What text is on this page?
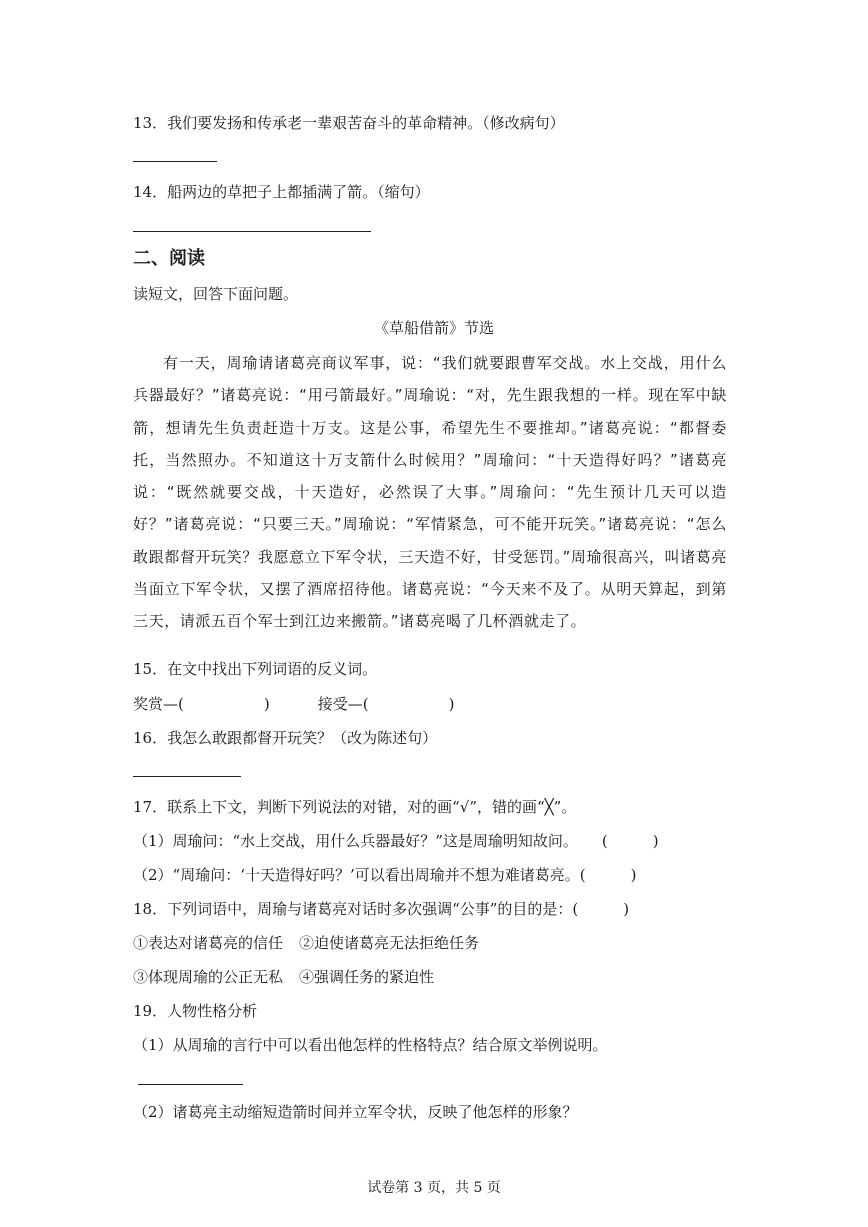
13．我们要发扬和传承老一辈艰苦奋斗的革命精神。（修改病句）
14．船两边的草把子上都插满了箭。（缩句）
二、阅读
读短文，回答下面问题。
《草船借箭》节选

有一天，周瑜请诸葛亮商议军事，说：“我们就要跟曹军交战。水上交战，用什么兵器最好？”诸葛亮说：“用弓箭最好。”周瑜说：“对，先生跟我想的一样。现在军中缺箭，想请先生负责赶造十万支。这是公事，希望先生不要推却。”诸葛亮说：“都督委托，当然照办。不知道这十万支箭什么时候用？”周瑜问：“十天造得好吗？”诸葛亮说：“既然就要交战，十天造好，必然误了大事。”周瑜问：“先生预计几天可以造好？”诸葛亮说：“只要三天。”周瑜说：“军情紧急，可不能开玩笑。”诸葛亮说：“怎么敢跟都督开玩笑？我愿意立下军令状，三天造不好，甘受惩罚。”周瑜很高兴，叫诸葛亮当面立下军令状，又摆了酒席招待他。诸葛亮说：“今天来不及了。从明天算起，到第三天，请派五百个军士到江边来搬箭。”诸葛亮喝了几杯酒就走了。

15．在文中找出下列词语的反义词。
奖赏—(	)	接受—(	)
16．我怎么敢跟都督开玩笑？（改为陈述句）
17．联系上下文，判断下列说法的对错，对的画“√”，错的画“╳”。
（1）周瑜问：“水上交战，用什么兵器最好？”这是周瑜明知故问。 (　　　)
（2）“周瑜问：‘十天造得好吗？’可以看出周瑜并不想为难诸葛亮。(　　　)
18．下列词语中，周瑜与诸葛亮对话时多次强调“公事”的目的是：(　　　)
①表达对诸葛亮的信任 ②迫使诸葛亮无法拒绝任务
③体现周瑜的公正无私 ④强调任务的紧迫性
19．人物性格分析
（1）从周瑜的言行中可以看出他怎样的性格特点？结合原文举例说明。
（2）诸葛亮主动缩短造箭时间并立军令状，反映了他怎样的形象？
试卷第 3 页，共 5 页
